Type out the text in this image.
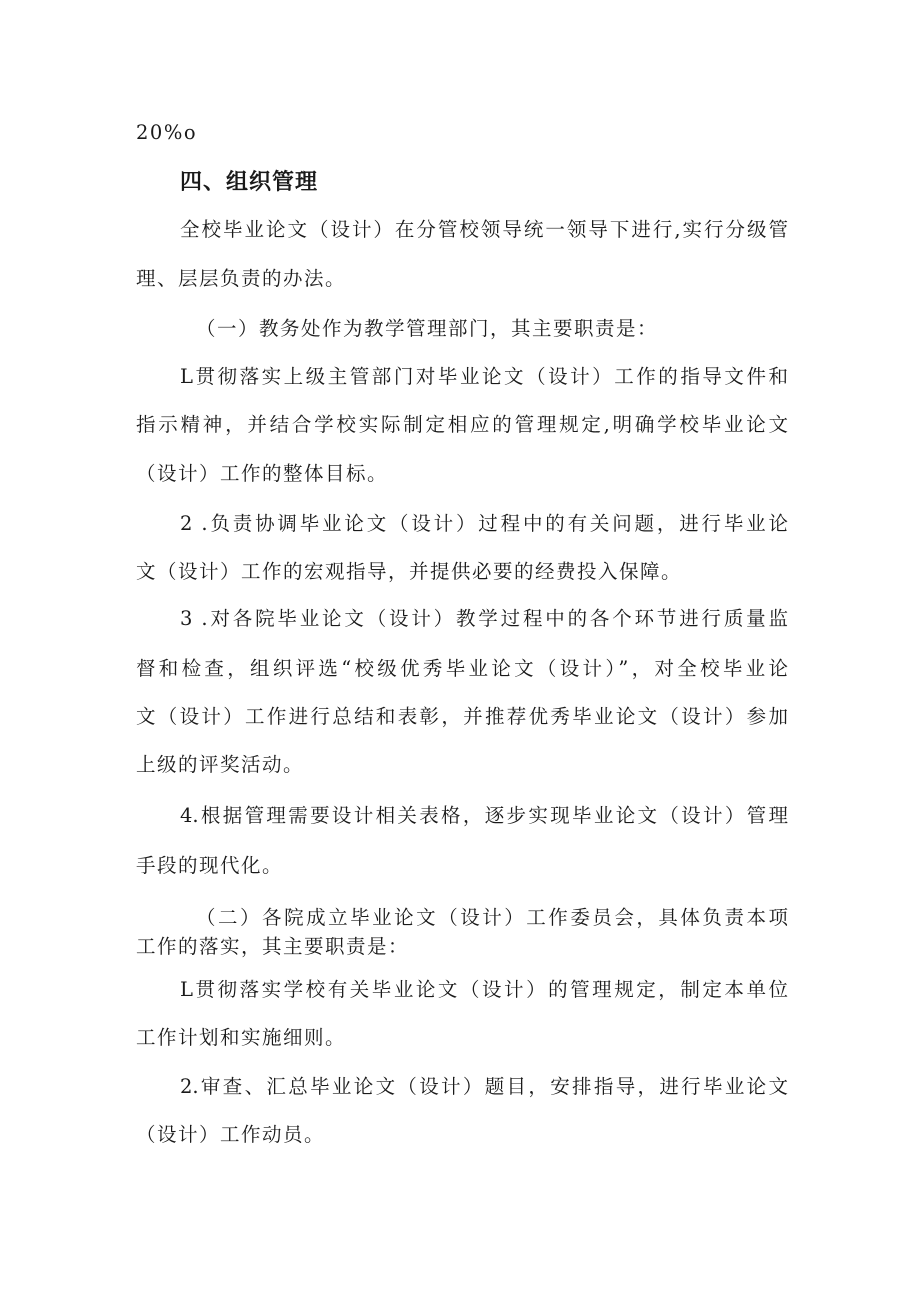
20%o
四、组织管理
全校毕业论文（设计）在分管校领导统一领导下进行,实行分级管
理、层层负责的办法。
（一）教务处作为教学管理部门，其主要职责是：
L贯彻落实上级主管部门对毕业论文（设计）工作的指导文件和
指示精神，并结合学校实际制定相应的管理规定,明确学校毕业论文
（设计）工作的整体目标。
2 .负责协调毕业论文（设计）过程中的有关问题，进行毕业论
文（设计）工作的宏观指导，并提供必要的经费投入保障。
3 .对各院毕业论文（设计）教学过程中的各个环节进行质量监
督和检查，组织评选“校级优秀毕业论文（设计）”，对全校毕业论
文（设计）工作进行总结和表彰，并推荐优秀毕业论文（设计）参加
上级的评奖活动。
4.根据管理需要设计相关表格，逐步实现毕业论文（设计）管理
手段的现代化。
（二）各院成立毕业论文（设计）工作委员会，具体负责本项
工作的落实，其主要职责是：
L贯彻落实学校有关毕业论文（设计）的管理规定，制定本单位
工作计划和实施细则。
2.审查、汇总毕业论文（设计）题目，安排指导，进行毕业论文
（设计）工作动员。
